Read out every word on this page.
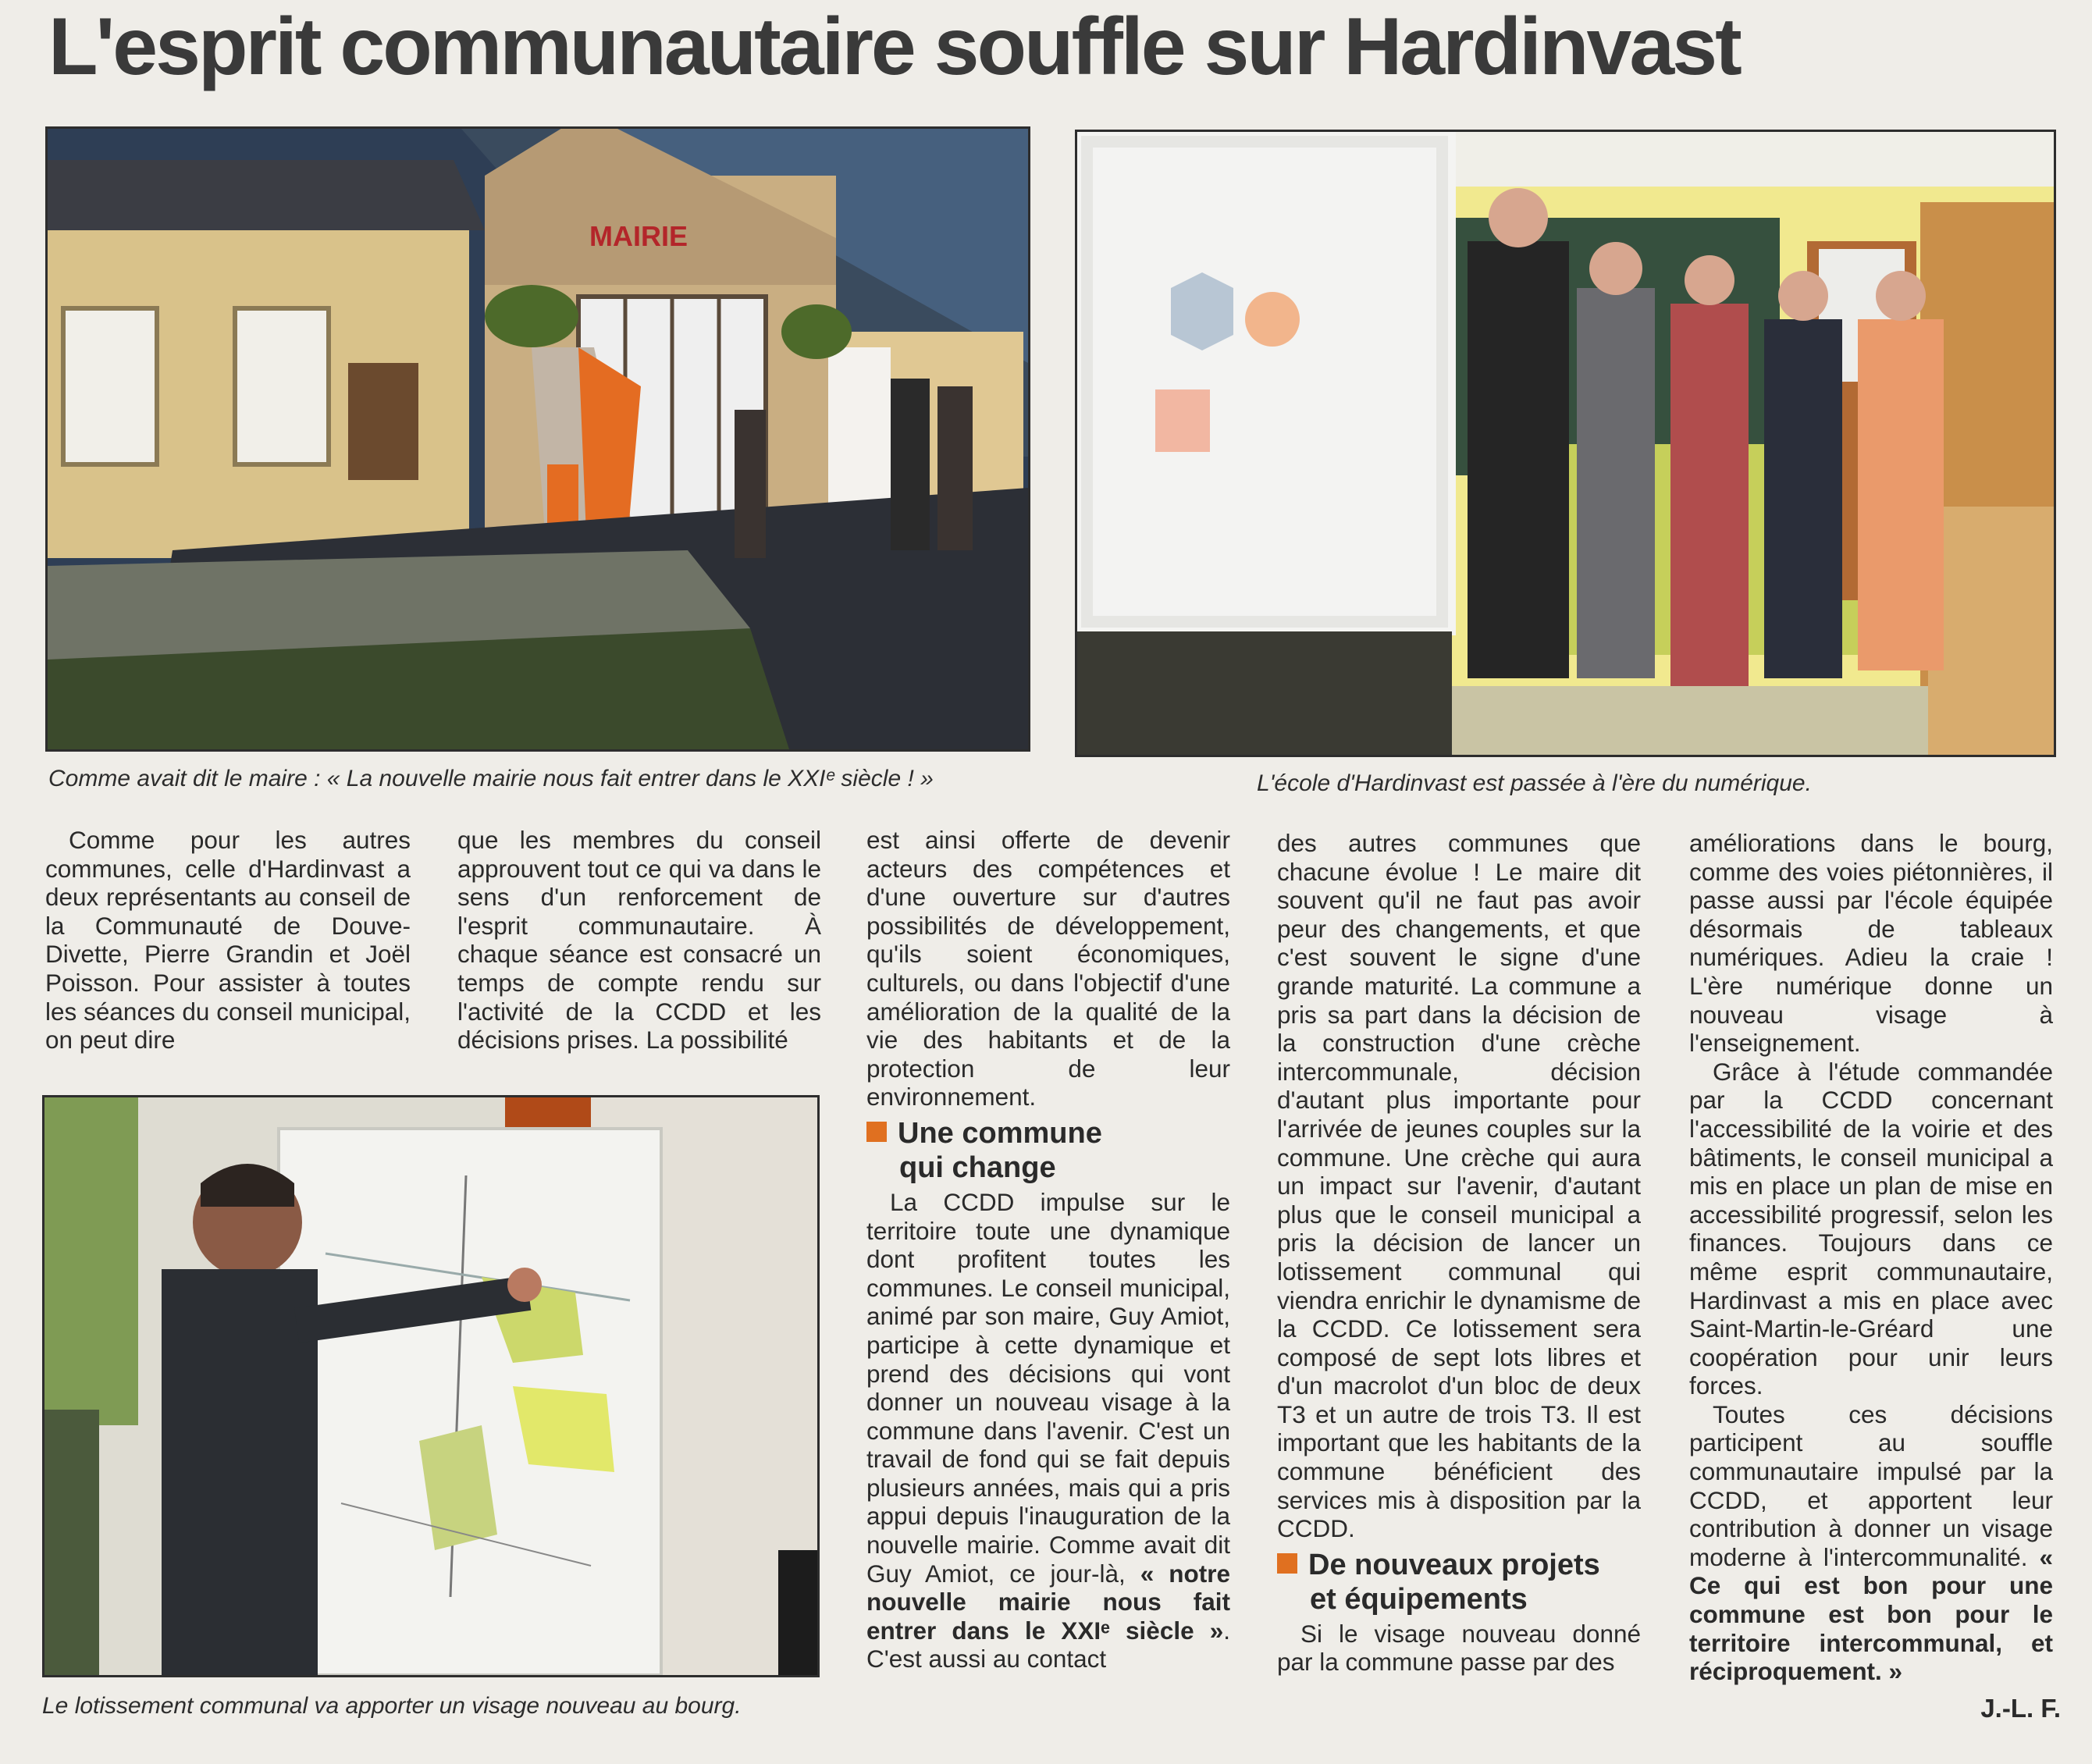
L'esprit communautaire souffle sur Hardinvast
MAIRIE

Comme avait dit le maire : « La nouvelle mairie nous fait entrer dans le XXIᵉ siècle ! »	L'école d'Hardinvast est passée à l'ère du numérique.

Le lotissement communal va apporter un visage nouveau au bourg.

Comme pour les autres communes, celle d'Hardinvast a deux représentants au conseil de la Communauté de Douve-Divette, Pierre Grandin et Joël Poisson. Pour assister à toutes les séances du conseil municipal, on peut dire

que les membres du conseil approuvent tout ce qui va dans le sens d'un renforcement de l'esprit communautaire. À chaque séance est consacré un temps de compte rendu sur l'activité de la CCDD et les décisions prises. La possibilité

est ainsi offerte de devenir acteurs des compétences et d'une ouverture sur d'autres possibilités de développement, qu'ils soient économiques, culturels, ou dans l'objectif d'une amélioration de la qualité de la vie des habitants et de la protection de leur environnement.

Une commune
qui change

La CCDD impulse sur le territoire toute une dynamique dont profitent toutes les communes. Le conseil municipal, animé par son maire, Guy Amiot, participe à cette dynamique et prend des décisions qui vont donner un nouveau visage à la commune dans l'avenir. C'est un travail de fond qui se fait depuis plusieurs années, mais qui a pris appui depuis l'inauguration de la nouvelle mairie. Comme avait dit Guy Amiot, ce jour-là, « notre nouvelle mairie nous fait entrer dans le XXIᵉ siècle ». C'est aussi au contact

des autres communes que chacune évolue ! Le maire dit souvent qu'il ne faut pas avoir peur des changements, et que c'est souvent le signe d'une grande maturité. La commune a pris sa part dans la décision de la construction d'une crèche intercommunale, décision d'autant plus importante pour l'arrivée de jeunes couples sur la commune. Une crèche qui aura un impact sur l'avenir, d'autant plus que le conseil municipal a pris la décision de lancer un lotissement communal qui viendra enrichir le dynamisme de la CCDD. Ce lotissement sera composé de sept lots libres et d'un macrolot d'un bloc de deux T3 et un autre de trois T3. Il est important que les habitants de la commune bénéficient des services mis à disposition par la CCDD.

De nouveaux projets
et équipements

Si le visage nouveau donné par la commune passe par des

améliorations dans le bourg, comme des voies piétonnières, il passe aussi par l'école équipée désormais de tableaux numériques. Adieu la craie ! L'ère numérique donne un nouveau visage à l'enseignement.

Grâce à l'étude commandée par la CCDD concernant l'accessibilité de la voirie et des bâtiments, le conseil municipal a mis en place un plan de mise en accessibilité progressif, selon les finances. Toujours dans ce même esprit communautaire, Hardinvast a mis en place avec Saint-Martin-le-Gréard une coopération pour unir leurs forces.

Toutes ces décisions participent au souffle communautaire impulsé par la CCDD, et apportent leur contribution à donner un visage moderne à l'intercommunalité. « Ce qui est bon pour une commune est bon pour le territoire intercommunal, et réciproquement. »

J.-L. F.
